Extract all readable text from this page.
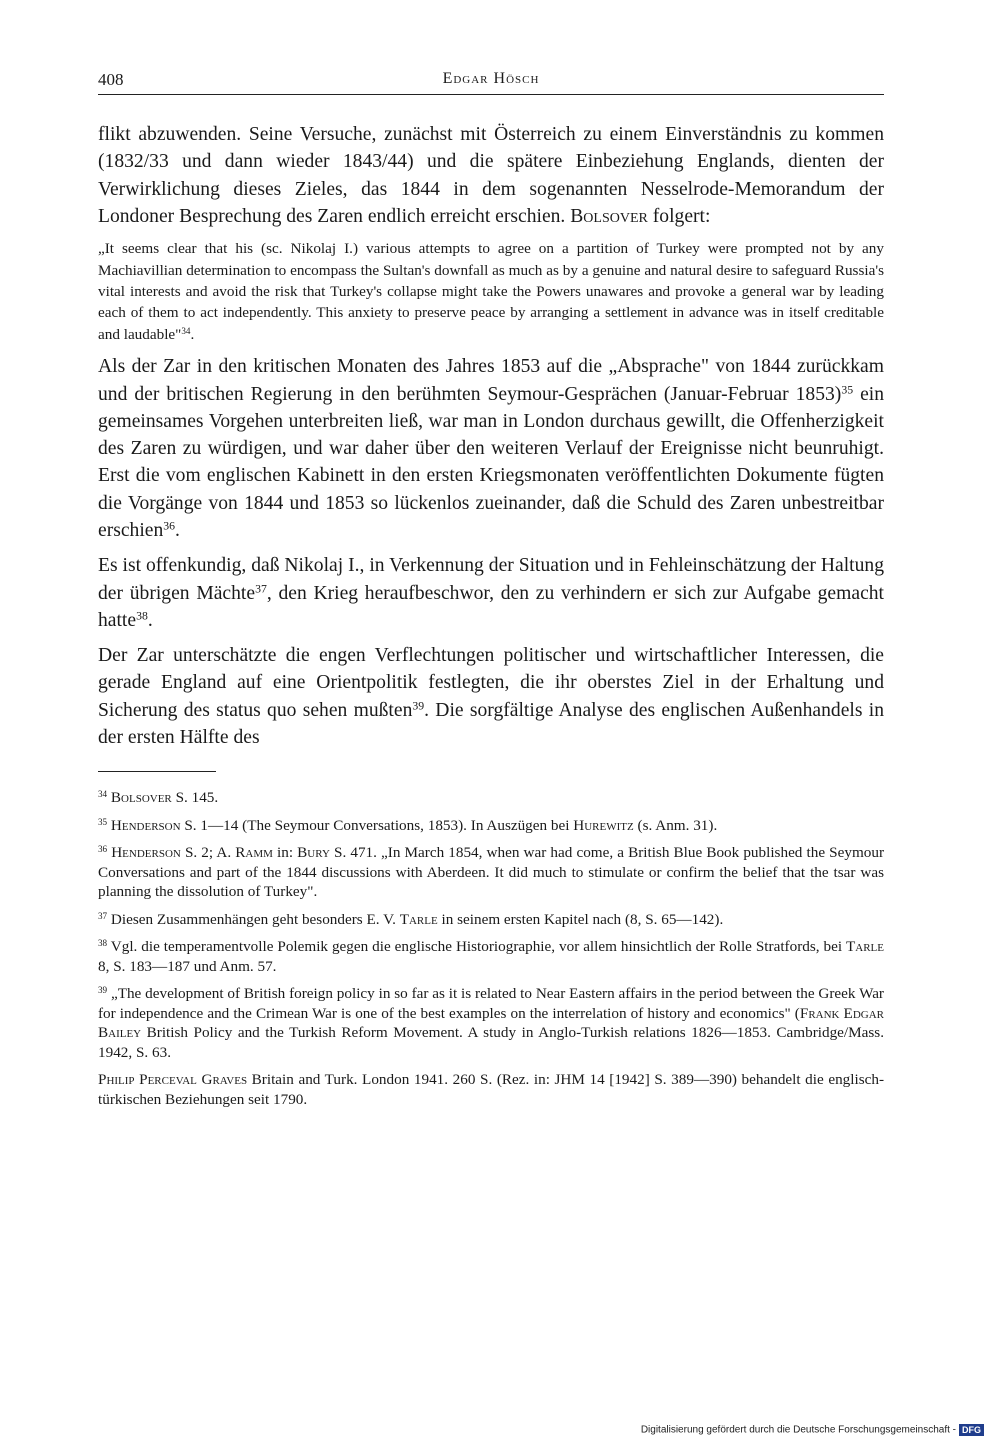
408	Edgar Hösch

flikt abzuwenden. Seine Versuche, zunächst mit Österreich zu einem Einverständnis zu kommen (1832/33 und dann wieder 1843/44) und die spätere Einbeziehung Englands, dienten der Verwirklichung dieses Zieles, das 1844 in dem sogenannten Nesselrode-Memorandum der Londoner Besprechung des Zaren endlich erreicht erschien. Bolsover folgert:

„It seems clear that his (sc. Nikolaj I.) various attempts to agree on a partition of Turkey were prompted not by any Machiavillian determination to encompass the Sultan's downfall as much as by a genuine and natural desire to safeguard Russia's vital interests and avoid the risk that Turkey's collapse might take the Powers unawares and provoke a general war by leading each of them to act independently. This anxiety to preserve peace by arranging a settlement in advance was in itself creditable and laudable"$^{34}$.

Als der Zar in den kritischen Monaten des Jahres 1853 auf die „Absprache" von 1844 zurückkam und der britischen Regierung in den berühmten Seymour-Gesprächen (Januar-Februar 1853)$^{35}$ ein gemeinsames Vorgehen unterbreiten ließ, war man in London durchaus gewillt, die Offenherzigkeit des Zaren zu würdigen, und war daher über den weiteren Verlauf der Ereignisse nicht beunruhigt. Erst die vom englischen Kabinett in den ersten Kriegsmonaten veröffentlichten Dokumente fügten die Vorgänge von 1844 und 1853 so lückenlos zueinander, daß die Schuld des Zaren unbestreitbar erschien$^{36}$.

Es ist offenkundig, daß Nikolaj I., in Verkennung der Situation und in Fehleinschätzung der Haltung der übrigen Mächte$^{37}$, den Krieg heraufbeschwor, den zu verhindern er sich zur Aufgabe gemacht hatte$^{38}$.

Der Zar unterschätzte die engen Verflechtungen politischer und wirtschaftlicher Interessen, die gerade England auf eine Orientpolitik festlegten, die ihr oberstes Ziel in der Erhaltung und Sicherung des status quo sehen mußten$^{39}$. Die sorgfältige Analyse des englischen Außenhandels in der ersten Hälfte des

$^{34}$ Bolsover S. 145.

$^{35}$ Henderson S. 1—14 (The Seymour Conversations, 1853). In Auszügen bei Hurewitz (s. Anm. 31).

$^{36}$ Henderson S. 2; A. Ramm in: Bury S. 471. „In March 1854, when war had come, a British Blue Book published the Seymour Conversations and part of the 1844 discussions with Aberdeen. It did much to stimulate or confirm the belief that the tsar was planning the dissolution of Turkey".

$^{37}$ Diesen Zusammenhängen geht besonders E. V. Tarle in seinem ersten Kapitel nach (8, S. 65—142).

$^{38}$ Vgl. die temperamentvolle Polemik gegen die englische Historiographie, vor allem hinsichtlich der Rolle Stratfords, bei Tarle 8, S. 183—187 und Anm. 57.

$^{39}$ „The development of British foreign policy in so far as it is related to Near Eastern affairs in the period between the Greek War for independence and the Crimean War is one of the best examples on the interrelation of history and economics" (Frank Edgar Bailey British Policy and the Turkish Reform Movement. A study in Anglo-Turkish relations 1826—1853. Cambridge/Mass. 1942, S. 63.

Philip Perceval Graves Britain and Turk. London 1941. 260 S. (Rez. in: JHM 14 [1942] S. 389—390) behandelt die englisch-türkischen Beziehungen seit 1790.

Digitalisierung gefördert durch die Deutsche Forschungsgemeinschaft - DFG
